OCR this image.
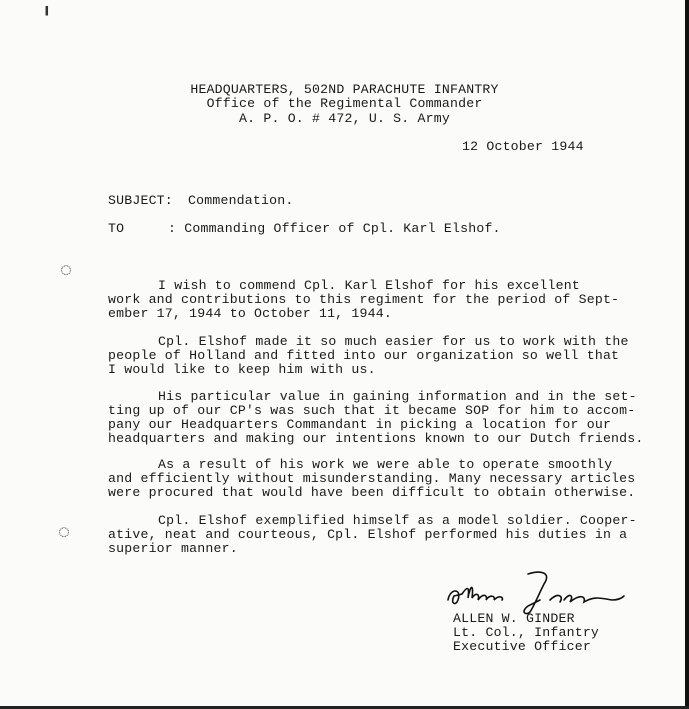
╹
◌
◌
HEADQUARTERS, 502ND PARACHUTE INFANTRY
Office of the Regimental Commander
A. P. O. # 472, U. S. Army
12 October 1944
SUBJECT: Commendation.
TO	: Commanding Officer of Cpl. Karl Elshof.
I wish to commend Cpl. Karl Elshof for his excellent
work and contributions to this regiment for the period of Sept-
ember 17, 1944 to October 11, 1944.
Cpl. Elshof made it so much easier for us to work with the
people of Holland and fitted into our organization so well that
I would like to keep him with us.
His particular value in gaining information and in the set-
ting up of our CP's was such that it became SOP for him to accom-
pany our Headquarters Commandant in picking a location for our
headquarters and making our intentions known to our Dutch friends.
As a result of his work we were able to operate smoothly
and efficiently without misunderstanding. Many necessary articles
were procured that would have been difficult to obtain otherwise.
Cpl. Elshof exemplified himself as a model soldier. Cooper-
ative, neat and courteous, Cpl. Elshof performed his duties in a
superior manner.
ALLEN W. GINDER
Lt. Col., Infantry
Executive Officer
